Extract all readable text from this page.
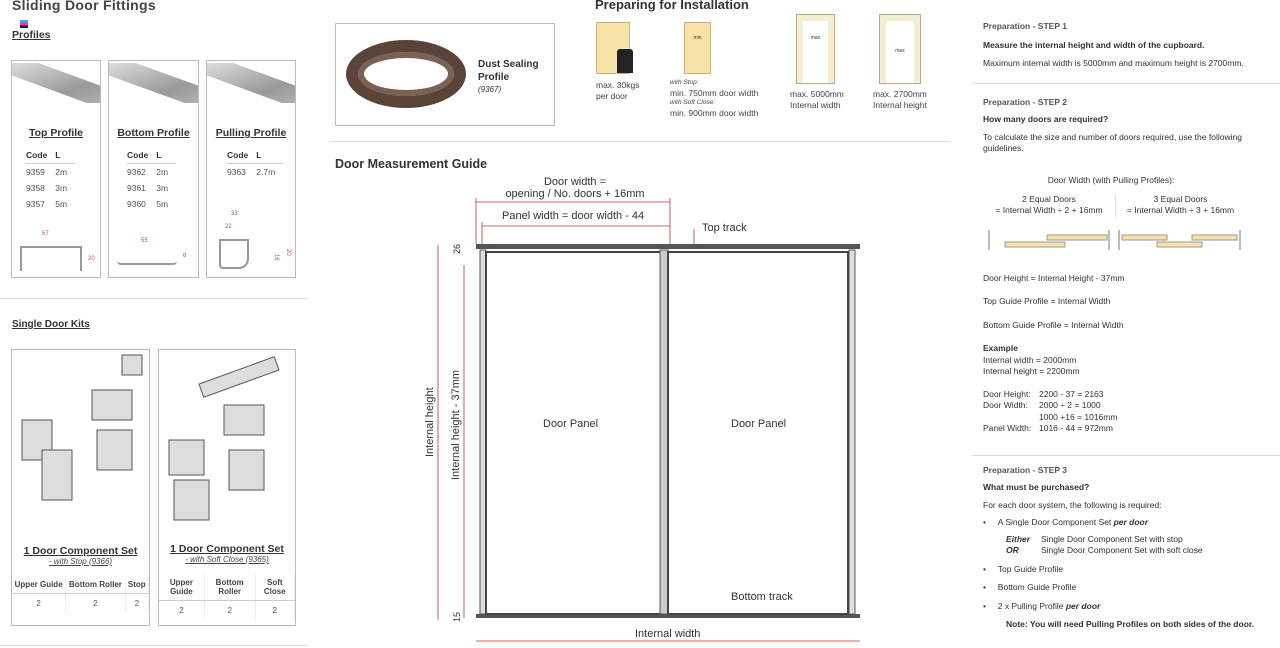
Sliding Door Fittings
Profiles
Top Profile
Code	L
9359	2m
9358	3m
9357	5m
57
20
Bottom Profile
Code	L
9362	2m
9361	3m
9360	5m
55
6
Pulling Profile
Code	L
9363	2.7m
33
22
20
16
Single Door Kits
1 Door Component Set
- with Stop (9366)
Upper Guide	Bottom Roller	Stop
2	2	2
1 Door Component Set
- with Soft Close (9365)
Upper Guide	Bottom Roller	Soft Close
2	2	2
Dust Sealing Profile
(9367)
Preparing for Installation
max. 30kgs
per door
min
with Stop:
min. 750mm door width
with Soft Close:
min. 900mm door width
max
max. 5000mm
Internal width
max
max. 2700mm
Internal height
Door Measurement Guide
Door width =
opening / No. doors + 16mm
Panel width = door width - 44
Top track
Bottom track
Internal width
Internal height Internal height - 37mm
26
15
Door Panel	Door Panel
Preparation - STEP 1
Measure the internal height and width of the cupboard.
Maximum internal width is 5000mm and maximum height is 2700mm.
Preparation - STEP 2
How many doors are required?
To calculate the size and number of doors required, use the following guidelines.
Door Width (with Pulling Profiles):
2 Equal Doors
= Internal Width ÷ 2 + 16mm
3 Equal Doors
= Internal Width ÷ 3 + 16mm
Door Height = Internal Height - 37mm
Top Guide Profile = Internal Width
Bottom Guide Profile = Internal Width
Example
Internal width = 2000mm
Internal height = 2200mm
Door Height: 2200 - 37 = 2163
Door Width: 2000 ÷ 2 = 1000
1000 +16 = 1016mm
Panel Width: 1016 - 44 = 972mm
Preparation - STEP 3
What must be purchased?
For each door system, the following is required:
•     A Single Door Component Set per door
Either Single Door Component Set with stop
OR	Single Door Component Set with soft close
•     Top Guide Profile
•     Bottom Guide Profile
•     2 x Pulling Profile per door
Note: You will need Pulling Profiles on both sides of the door.
